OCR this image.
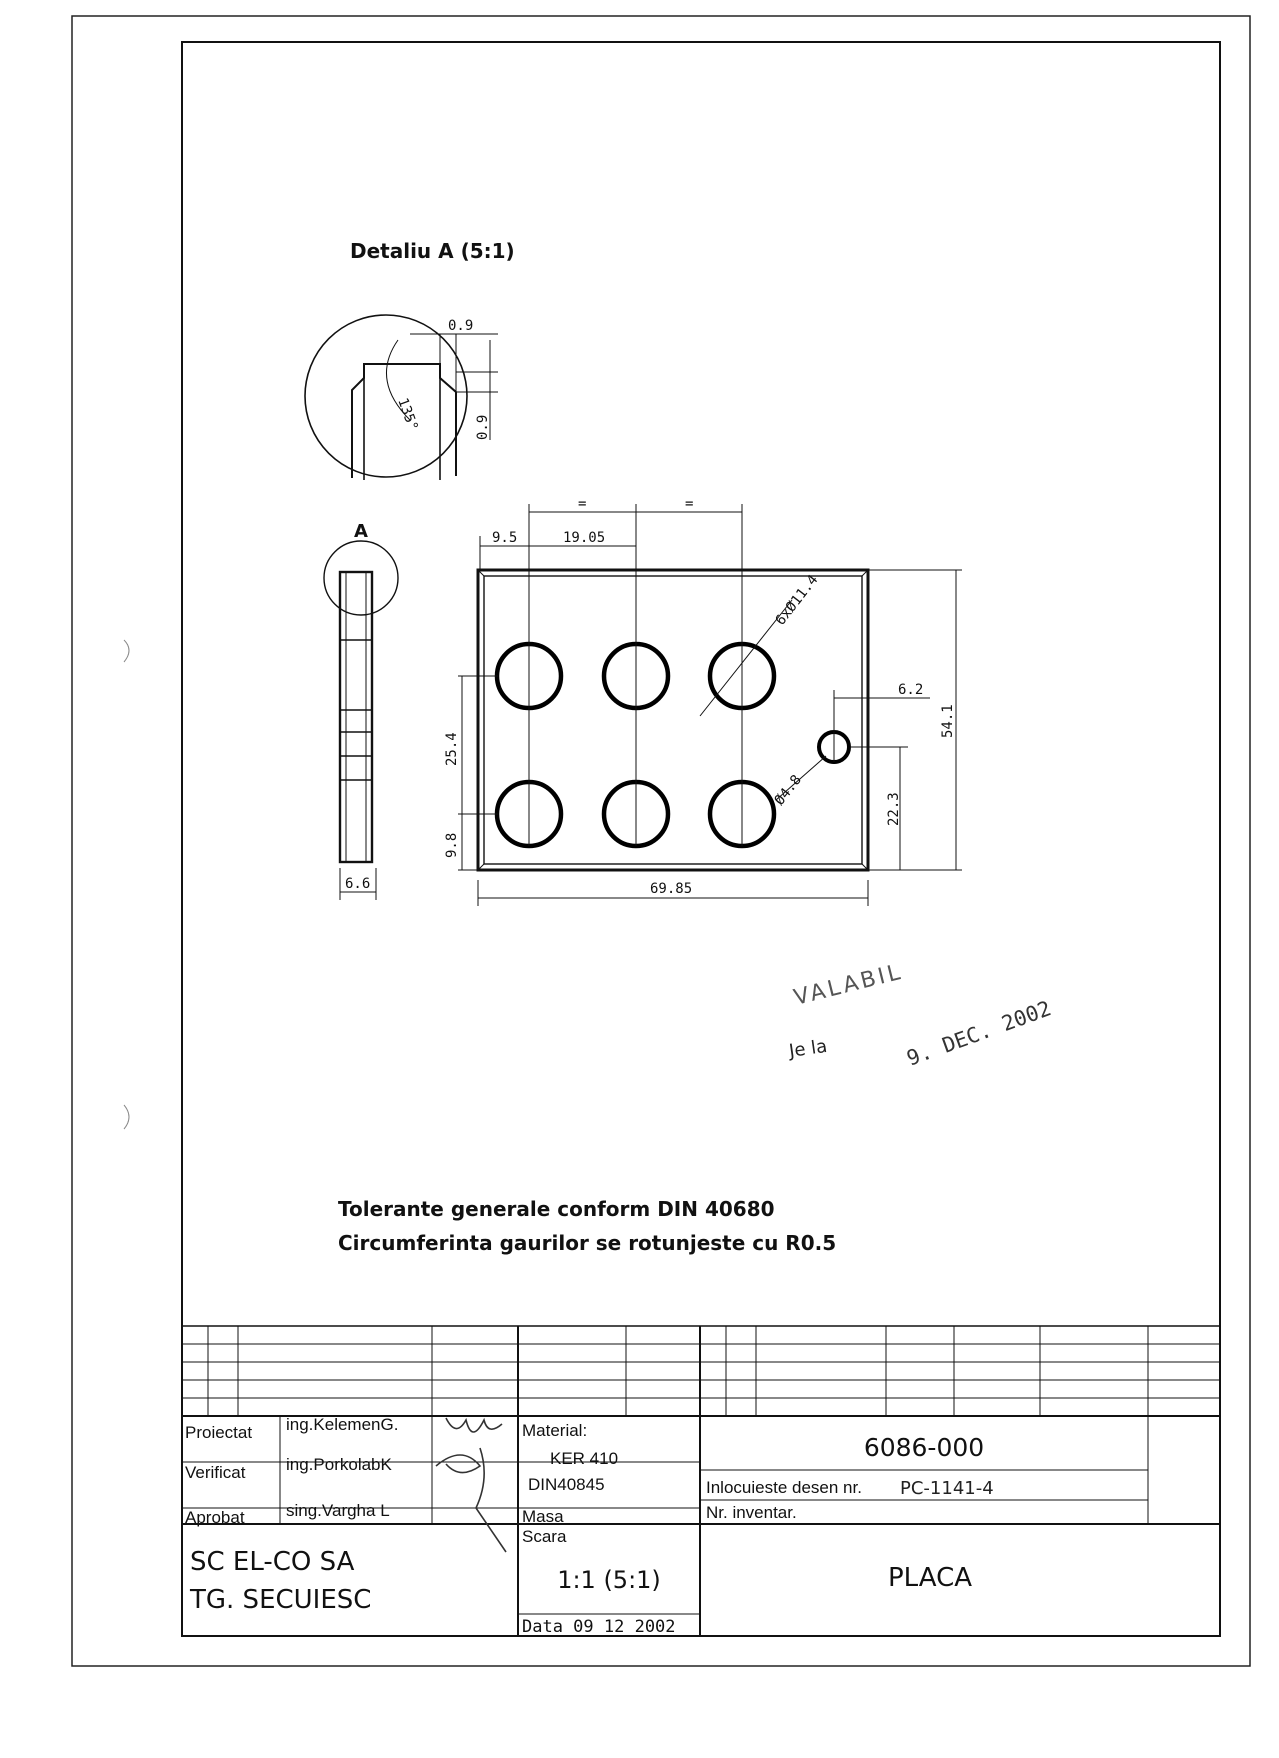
Detaliu A (5:1)
0.9
0.9
135°
A
6.6
9.5	19.05
=	=
6xØ11.4
Ø4.8
6.2
22.3
25.4
9.8
54.1
69.85
VALABIL
Je la	9. DEC. 2002
Tolerante generale conform DIN 40680
Circumferinta gaurilor se rotunjeste cu R0.5
Proiectat ing.KelemenG.
Verificat ing.PorkolabK
Aprobat sing.Vargha L
Material:
KER 410
DIN40845
Masa
Scara
1:1 (5:1)
Data 09 12 2002
6086-000
Inlocuieste desen nr. PC-1141-4
Nr. inventar.
SC EL-CO SA
TG. SECUIESC
PLACA
